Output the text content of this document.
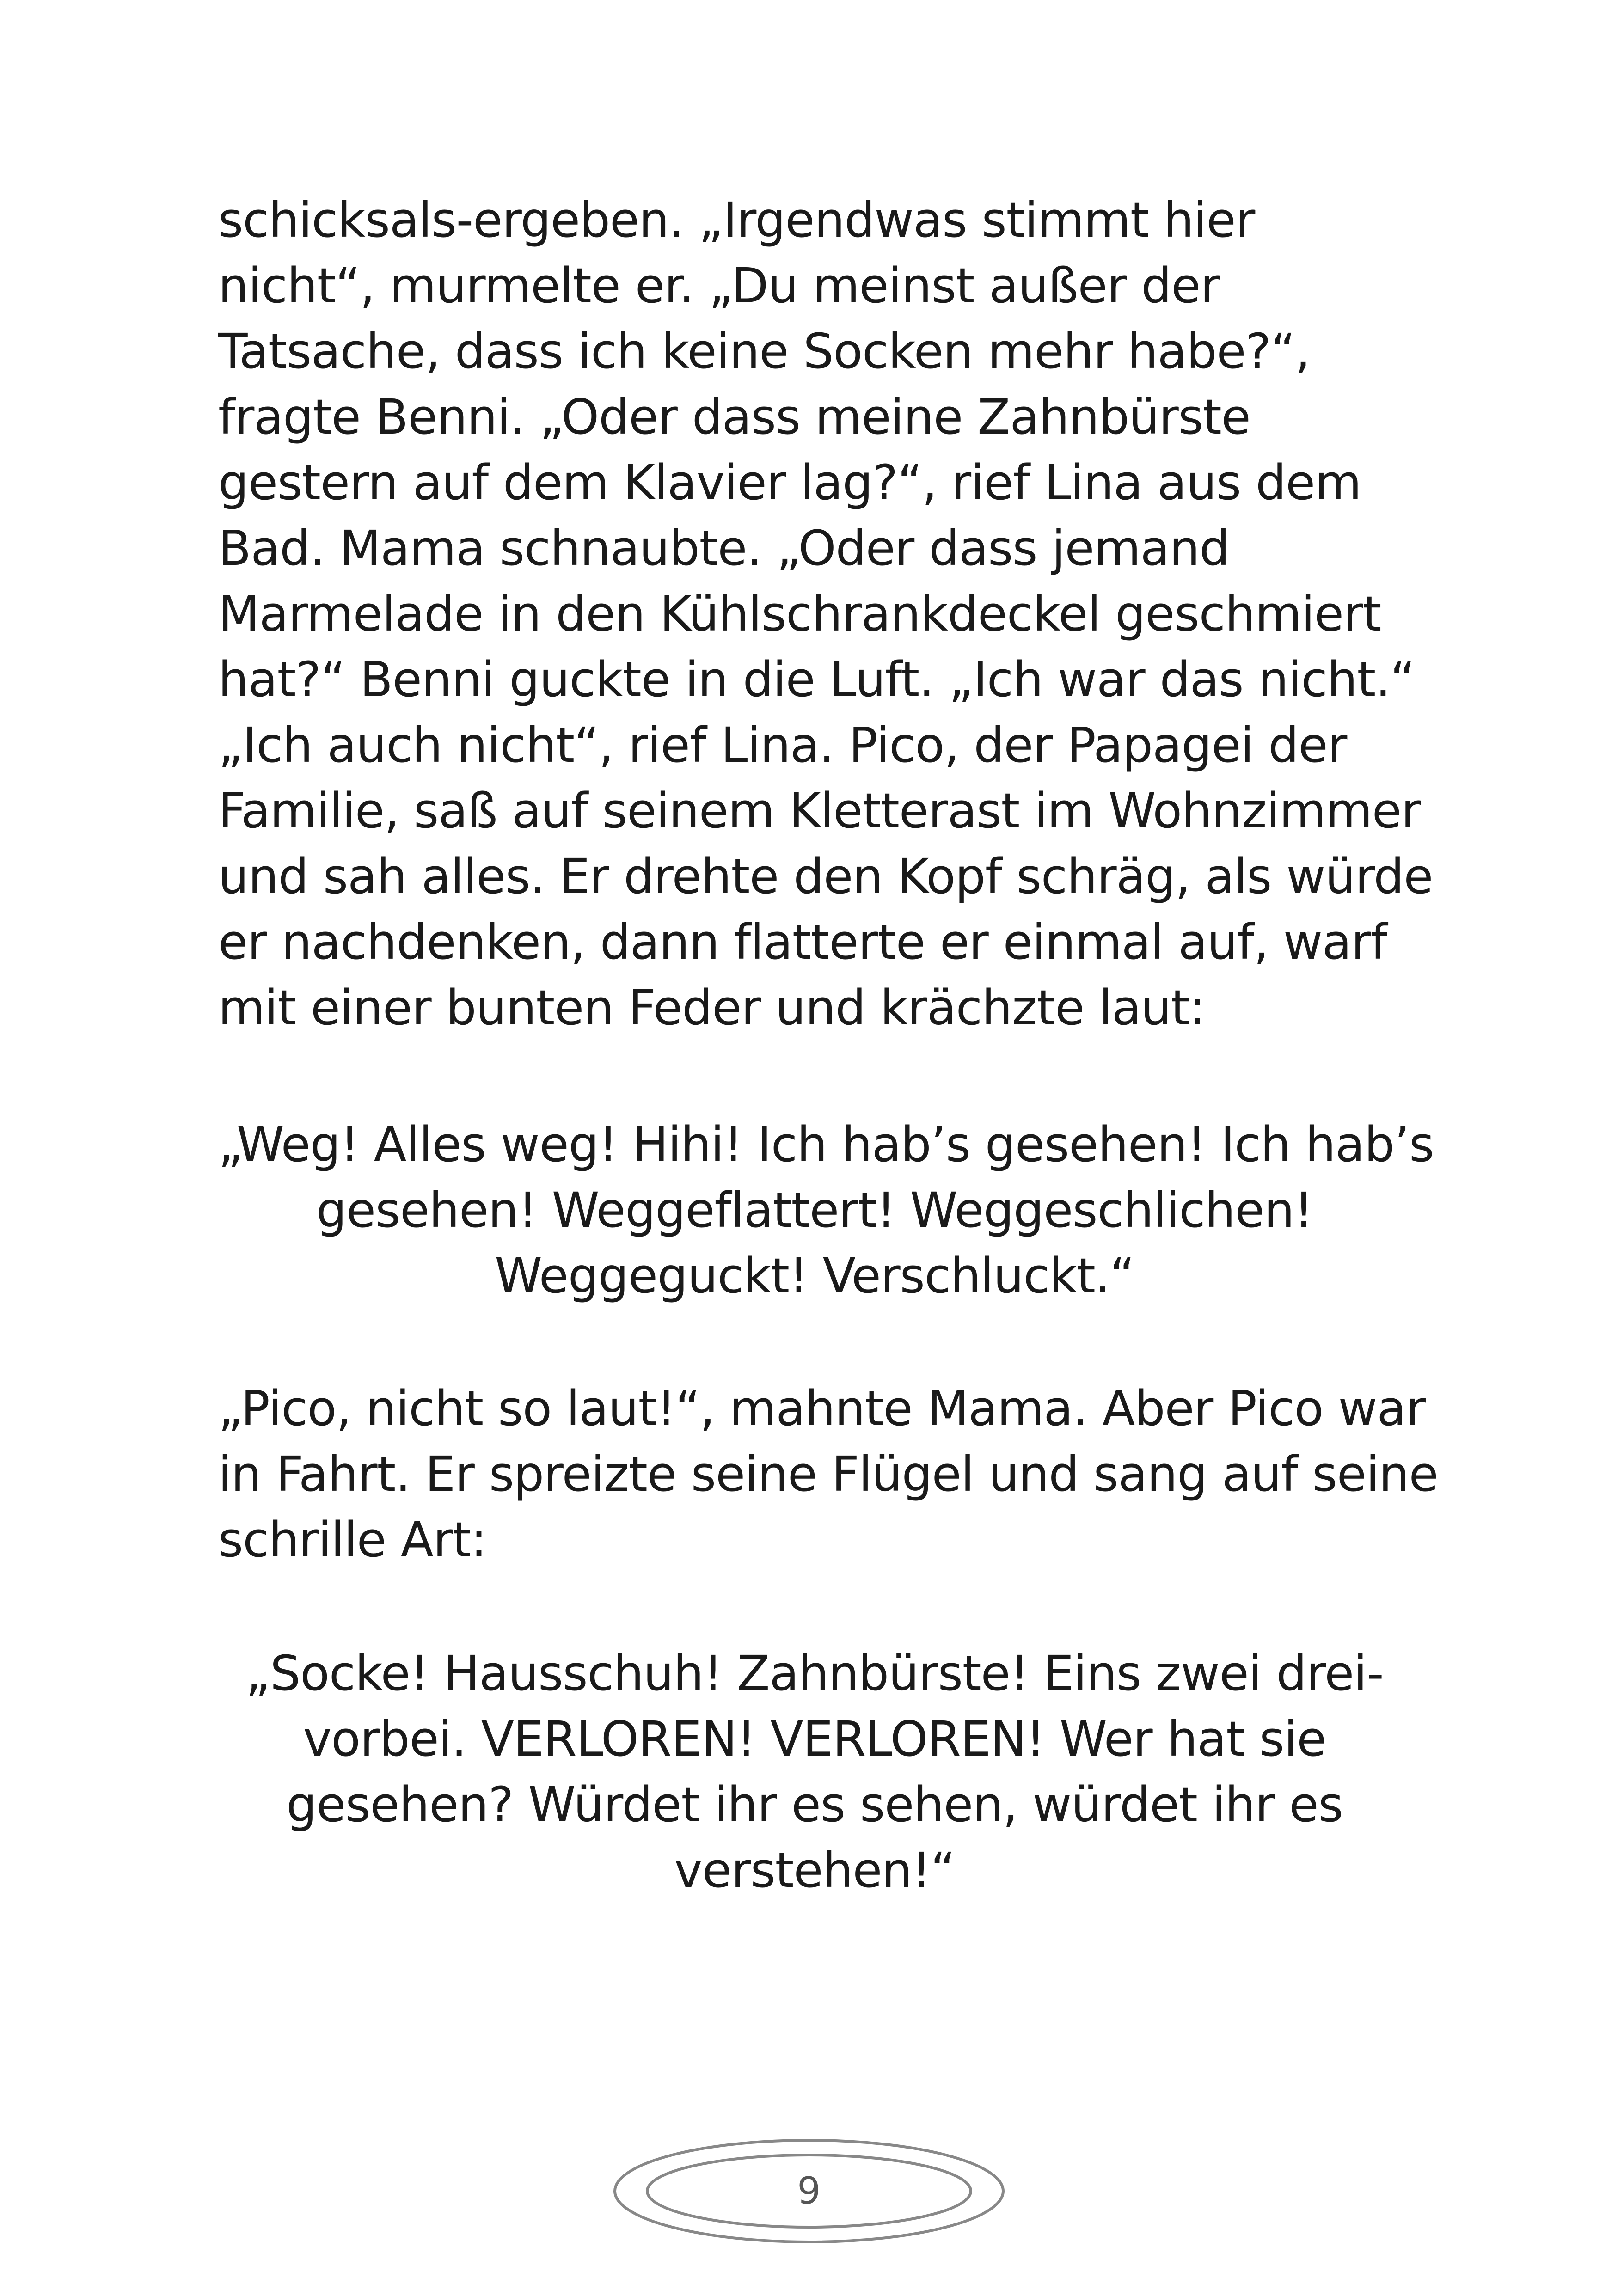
schicksals-ergeben. „Irgendwas stimmt hier
nicht“, murmelte er. „Du meinst außer der
Tatsache, dass ich keine Socken mehr habe?“,
fragte Benni. „Oder dass meine Zahnbürste
gestern auf dem Klavier lag?“, rief Lina aus dem
Bad. Mama schnaubte. „Oder dass jemand
Marmelade in den Kühlschrankdeckel geschmiert
hat?“ Benni guckte in die Luft. „Ich war das nicht.“
„Ich auch nicht“, rief Lina. Pico, der Papagei der
Familie, saß auf seinem Kletterast im Wohnzimmer
und sah alles. Er drehte den Kopf schräg, als würde
er nachdenken, dann flatterte er einmal auf, warf
mit einer bunten Feder und krächzte laut:
„Weg! Alles weg! Hihi! Ich hab’s gesehen! Ich hab’s
gesehen! Weggeflattert! Weggeschlichen!
Weggeguckt! Verschluckt.“
„Pico, nicht so laut!“, mahnte Mama. Aber Pico war
in Fahrt. Er spreizte seine Flügel und sang auf seine
schrille Art:
„Socke! Hausschuh! Zahnbürste! Eins zwei drei-
vorbei. VERLOREN! VERLOREN! Wer hat sie
gesehen? Würdet ihr es sehen, würdet ihr es
verstehen!“
9
